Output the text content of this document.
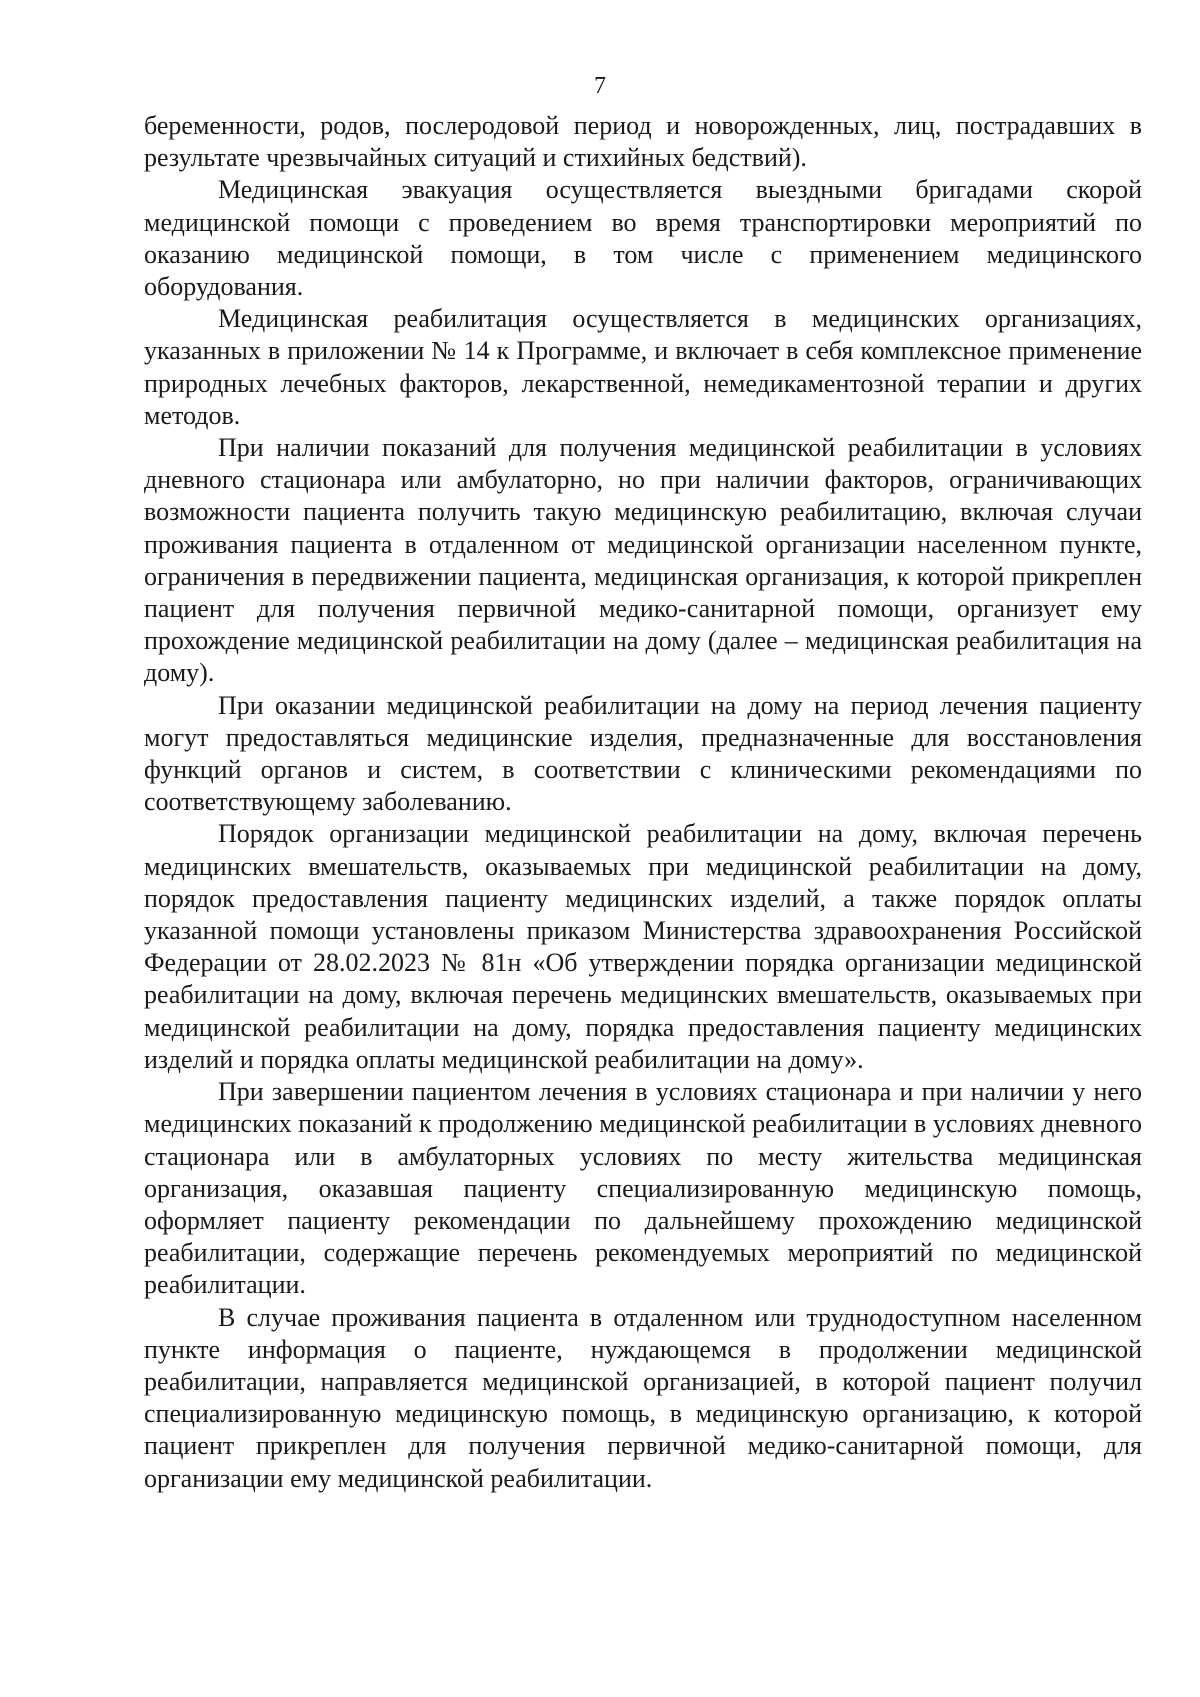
7

беременности, родов, послеродовой период и новорожденных, лиц, пострадавших в результате чрезвычайных ситуаций и стихийных бедствий).

Медицинская эвакуация осуществляется выездными бригадами скорой медицинской помощи с проведением во время транспортировки мероприятий по оказанию медицинской помощи, в том числе с применением медицинского оборудования.

Медицинская реабилитация осуществляется в медицинских организациях, указанных в приложении № 14 к Программе, и включает в себя комплексное применение природных лечебных факторов, лекарственной, немедикаментозной терапии и других методов.

При наличии показаний для получения медицинской реабилитации в условиях дневного стационара или амбулаторно, но при наличии факторов, ограничивающих возможности пациента получить такую медицинскую реабилитацию, включая случаи проживания пациента в отдаленном от медицинской организации населенном пункте, ограничения в передвижении пациента, медицинская организация, к которой прикреплен пациент для получения первичной медико-санитарной помощи, организует ему прохождение медицинской реабилитации на дому (далее – медицинская реабилитация на дому).

При оказании медицинской реабилитации на дому на период лечения пациенту могут предоставляться медицинские изделия, предназначенные для восстановления функций органов и систем, в соответствии с клиническими рекомендациями по соответствующему заболеванию.

Порядок организации медицинской реабилитации на дому, включая перечень медицинских вмешательств, оказываемых при медицинской реабилитации на дому, порядок предоставления пациенту медицинских изделий, а также порядок оплаты указанной помощи установлены приказом Министерства здравоохранения Российской Федерации от 28.02.2023 № 81н «Об утверждении порядка организации медицинской реабилитации на дому, включая перечень медицинских вмешательств, оказываемых при медицинской реабилитации на дому, порядка предоставления пациенту медицинских изделий и порядка оплаты медицинской реабилитации на дому».

При завершении пациентом лечения в условиях стационара и при наличии у него медицинских показаний к продолжению медицинской реабилитации в условиях дневного стационара или в амбулаторных условиях по месту жительства медицинская организация, оказавшая пациенту специализированную медицинскую помощь, оформляет пациенту рекомендации по дальнейшему прохождению медицинской реабилитации, содержащие перечень рекомендуемых мероприятий по медицинской реабилитации.

В случае проживания пациента в отдаленном или труднодоступном населенном пункте информация о пациенте, нуждающемся в продолжении медицинской реабилитации, направляется медицинской организацией, в которой пациент получил специализированную медицинскую помощь, в медицинскую организацию, к которой пациент прикреплен для получения первичной медико-санитарной помощи, для организации ему медицинской реабилитации.
